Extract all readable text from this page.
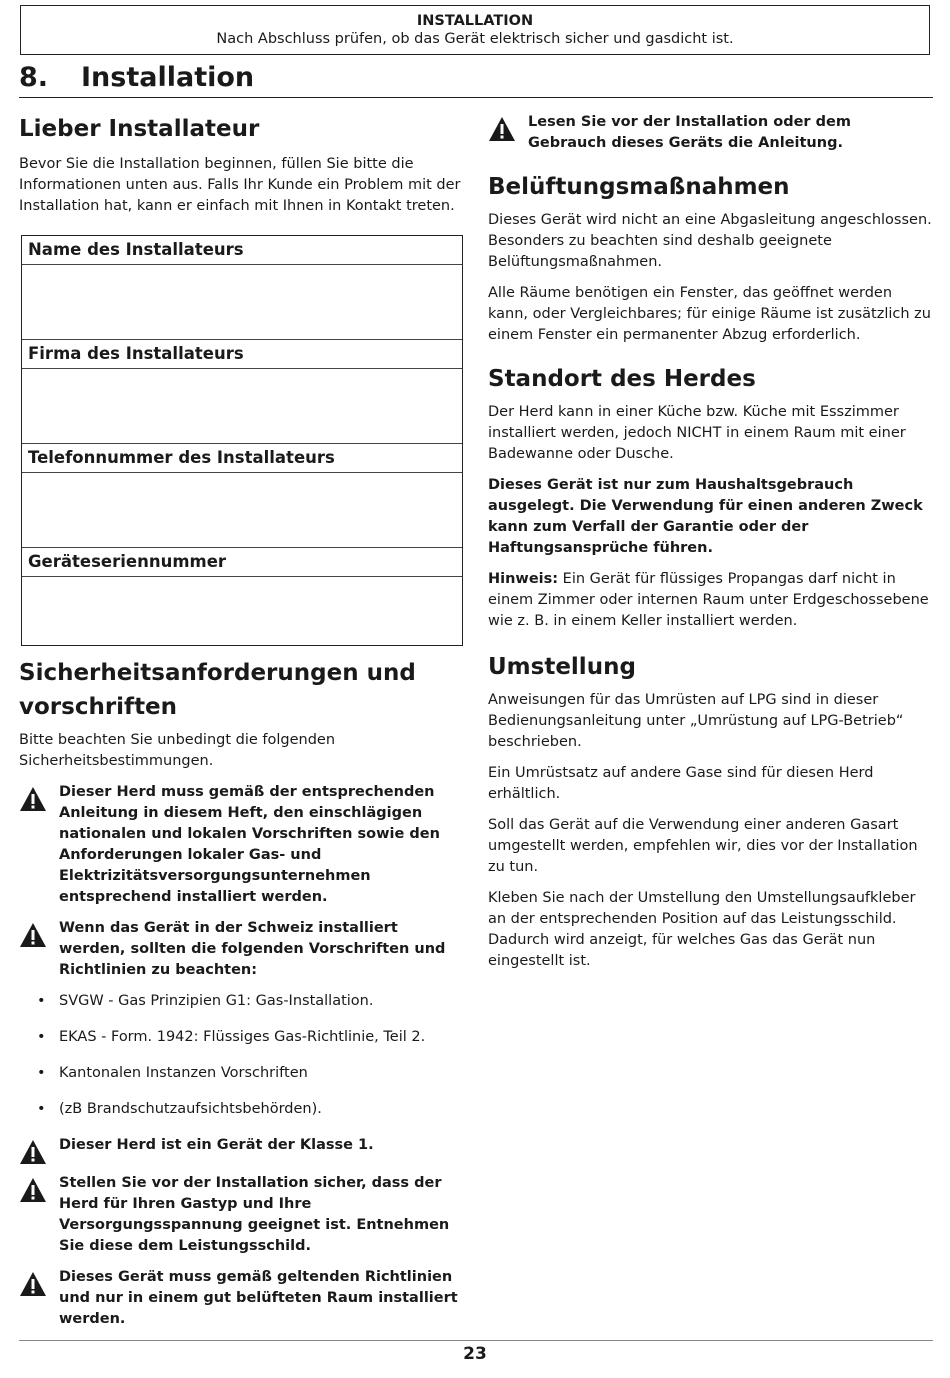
INSTALLATION
Nach Abschluss prüfen, ob das Gerät elektrisch sicher und gasdicht ist.
8. Installation
Lieber Installateur

Bevor Sie die Installation beginnen, füllen Sie bitte die Informationen unten aus. Falls Ihr Kunde ein Problem mit der Installation hat, kann er einfach mit Ihnen in Kontakt treten.

Name des Installateurs
Firma des Installateurs
Telefonnummer des Installateurs
Geräteseriennummer
Sicherheitsanforderungen und vorschriften

Bitte beachten Sie unbedingt die folgenden Sicherheitsbestimmungen.

Dieser Herd muss gemäß der entsprechenden Anleitung in diesem Heft, den einschlägigen nationalen und lokalen Vorschriften sowie den Anforderungen lokaler Gas- und Elektrizitätsversorgungsunternehmen entsprechend installiert werden.
Wenn das Gerät in der Schweiz installiert werden, sollten die folgenden Vorschriften und Richtlinien zu beachten:
• SVGW - Gas Prinzipien G1: Gas-Installation.
• EKAS - Form. 1942: Flüssiges Gas-Richtlinie, Teil 2.
• Kantonalen Instanzen Vorschriften
• (zB Brandschutzaufsichtsbehörden).
Dieser Herd ist ein Gerät der Klasse 1.
Stellen Sie vor der Installation sicher, dass der Herd für Ihren Gastyp und Ihre Versorgungsspannung geeignet ist. Entnehmen Sie diese dem Leistungsschild.
Dieses Gerät muss gemäß geltenden Richtlinien und nur in einem gut belüfteten Raum installiert werden.
Lesen Sie vor der Installation oder dem Gebrauch dieses Geräts die Anleitung.
Belüftungsmaßnahmen

Dieses Gerät wird nicht an eine Abgasleitung angeschlossen. Besonders zu beachten sind deshalb geeignete Belüftungsmaßnahmen.

Alle Räume benötigen ein Fenster, das geöffnet werden kann, oder Vergleichbares; für einige Räume ist zusätzlich zu einem Fenster ein permanenter Abzug erforderlich.

Standort des Herdes

Der Herd kann in einer Küche bzw. Küche mit Esszimmer installiert werden, jedoch NICHT in einem Raum mit einer Badewanne oder Dusche.

Dieses Gerät ist nur zum Haushaltsgebrauch ausgelegt. Die Verwendung für einen anderen Zweck kann zum Verfall der Garantie oder der Haftungsansprüche führen.

Hinweis: Ein Gerät für flüssiges Propangas darf nicht in einem Zimmer oder internen Raum unter Erdgeschossebene wie z. B. in einem Keller installiert werden.

Umstellung

Anweisungen für das Umrüsten auf LPG sind in dieser Bedienungsanleitung unter „Umrüstung auf LPG-Betrieb“ beschrieben.

Ein Umrüstsatz auf andere Gase sind für diesen Herd erhältlich.

Soll das Gerät auf die Verwendung einer anderen Gasart umgestellt werden, empfehlen wir, dies vor der Installation zu tun.

Kleben Sie nach der Umstellung den Umstellungsaufkleber an der entsprechenden Position auf das Leistungsschild. Dadurch wird anzeigt, für welches Gas das Gerät nun eingestellt ist.

23
